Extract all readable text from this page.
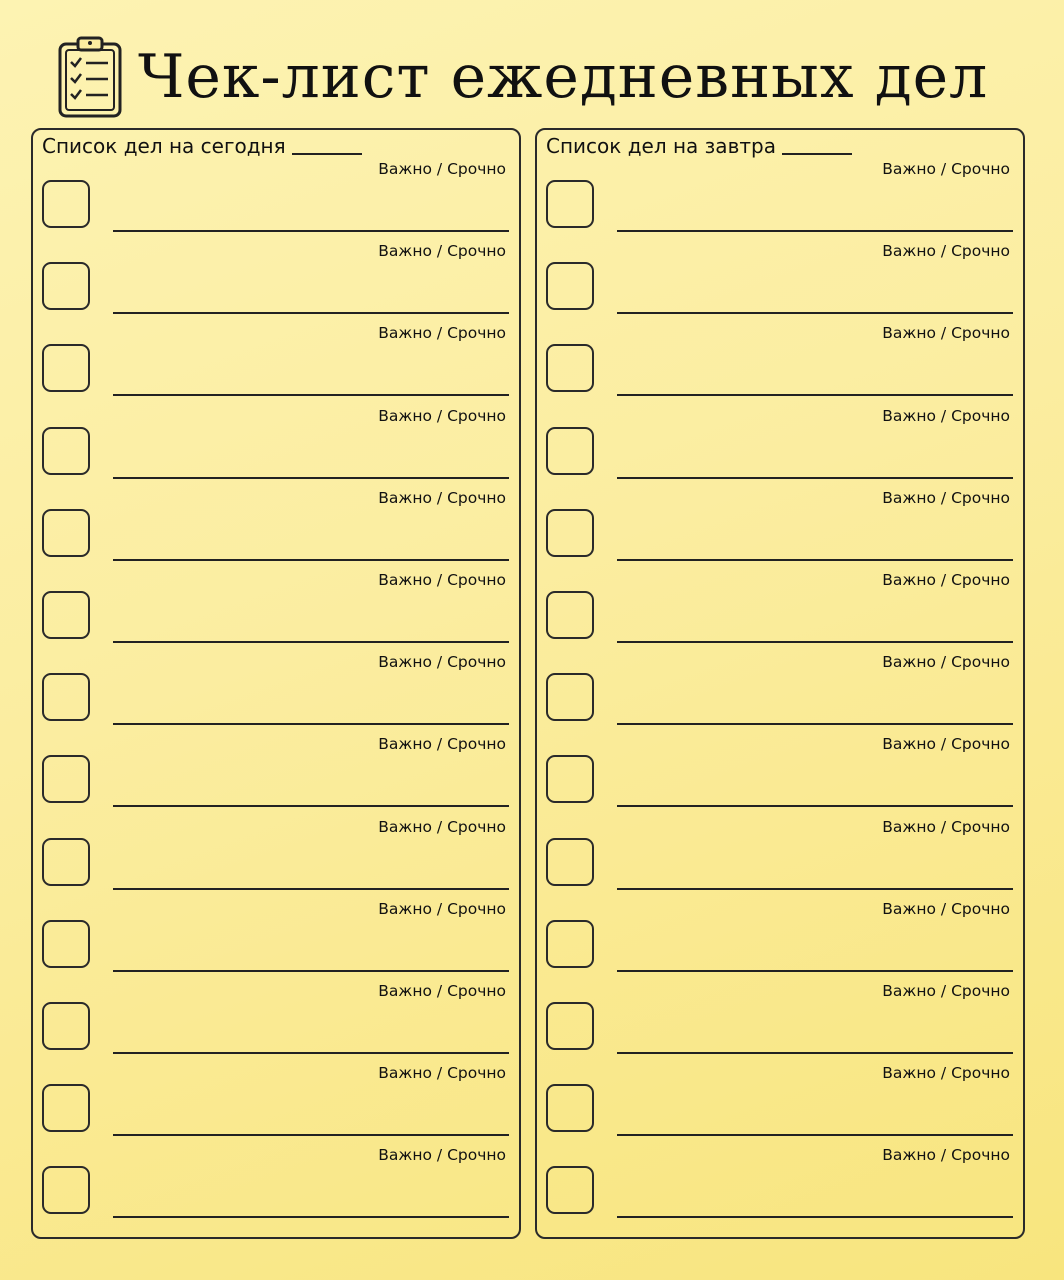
Чек-лист ежедневных дел
Список дел на сегодня
Важно / Срочно
Важно / Срочно
Важно / Срочно
Важно / Срочно
Важно / Срочно
Важно / Срочно
Важно / Срочно
Важно / Срочно
Важно / Срочно
Важно / Срочно
Важно / Срочно
Важно / Срочно
Важно / Срочно
Список дел на завтра
Важно / Срочно
Важно / Срочно
Важно / Срочно
Важно / Срочно
Важно / Срочно
Важно / Срочно
Важно / Срочно
Важно / Срочно
Важно / Срочно
Важно / Срочно
Важно / Срочно
Важно / Срочно
Важно / Срочно
